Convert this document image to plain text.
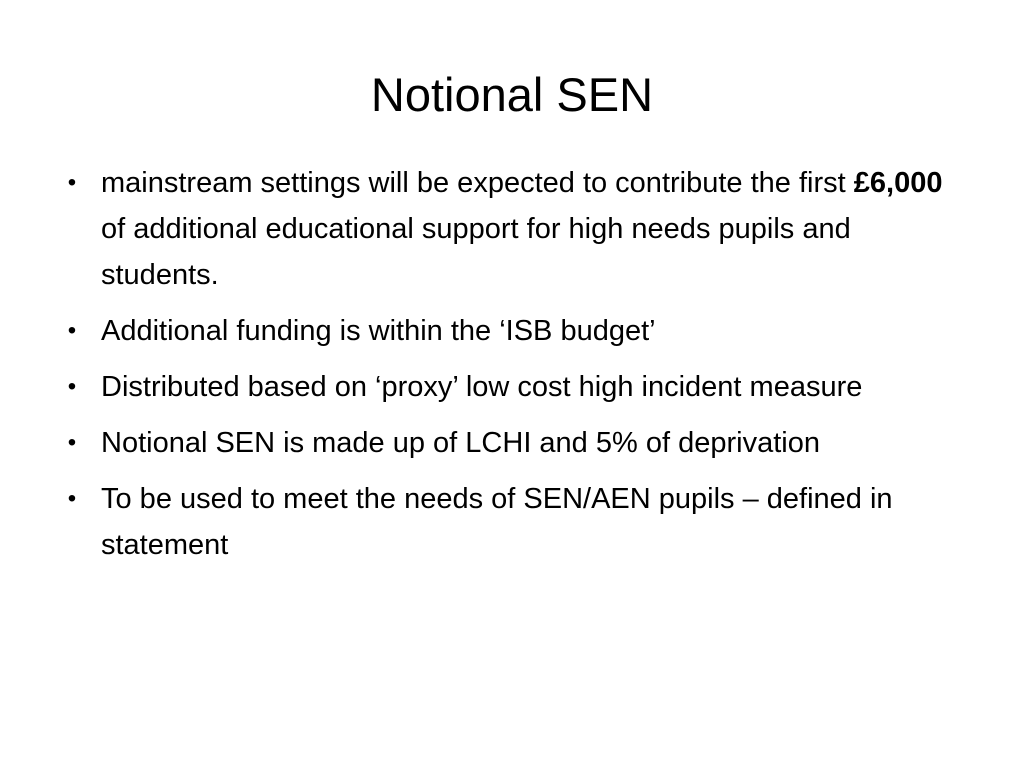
Notional SEN
• mainstream settings will be expected to contribute the first £6,000 of additional educational support for high needs pupils and students.
• Additional funding is within the ‘ISB budget’
• Distributed based on ‘proxy’ low cost high incident measure
• Notional SEN is made up of LCHI and 5% of deprivation
• To be used to meet the needs of SEN/AEN pupils – defined in statement
